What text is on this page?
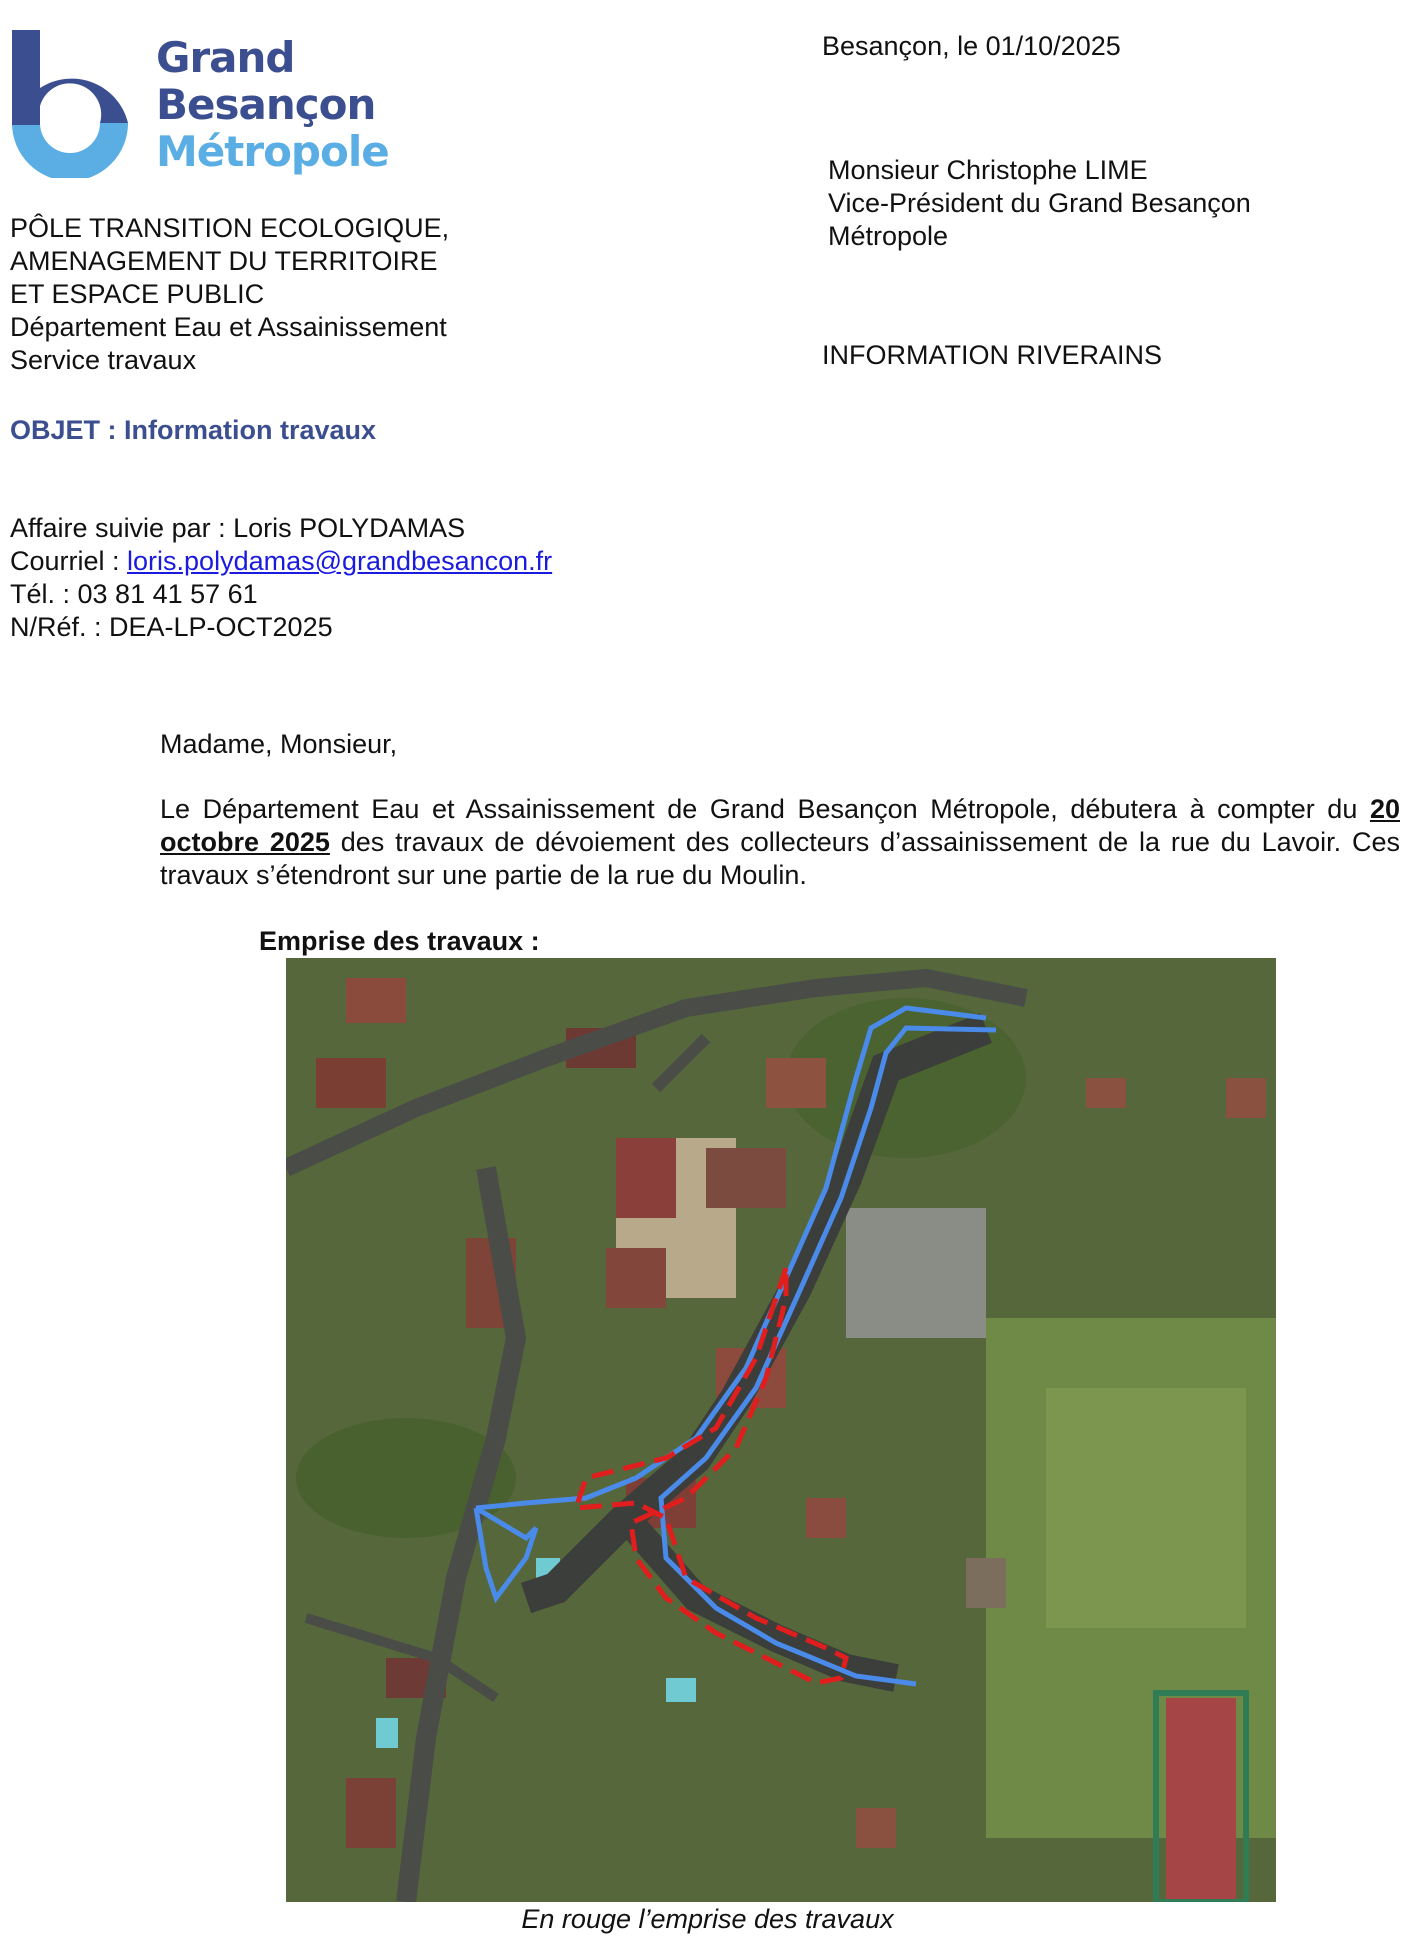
Grand
Besançon
Métropole
Besançon, le 01/10/2025
Monsieur Christophe LIME
Vice-Président du Grand Besançon
Métropole
INFORMATION RIVERAINS
PÔLE TRANSITION ECOLOGIQUE,
AMENAGEMENT DU TERRITOIRE
ET ESPACE PUBLIC
Département Eau et Assainissement
Service travaux
OBJET : Information travaux
Affaire suivie par : Loris POLYDAMAS
Courriel : loris.polydamas@grandbesancon.fr
Tél. : 03 81 41 57 61
N/Réf. : DEA-LP-OCT2025
Madame, Monsieur,
Le Département Eau et Assainissement de Grand Besançon Métropole, débutera à compter du 20 octobre 2025 des travaux de dévoiement des collecteurs d’assainissement de la rue du Lavoir. Ces travaux s’étendront sur une partie de la rue du Moulin.
Emprise des travaux :
En rouge l’emprise des travaux
